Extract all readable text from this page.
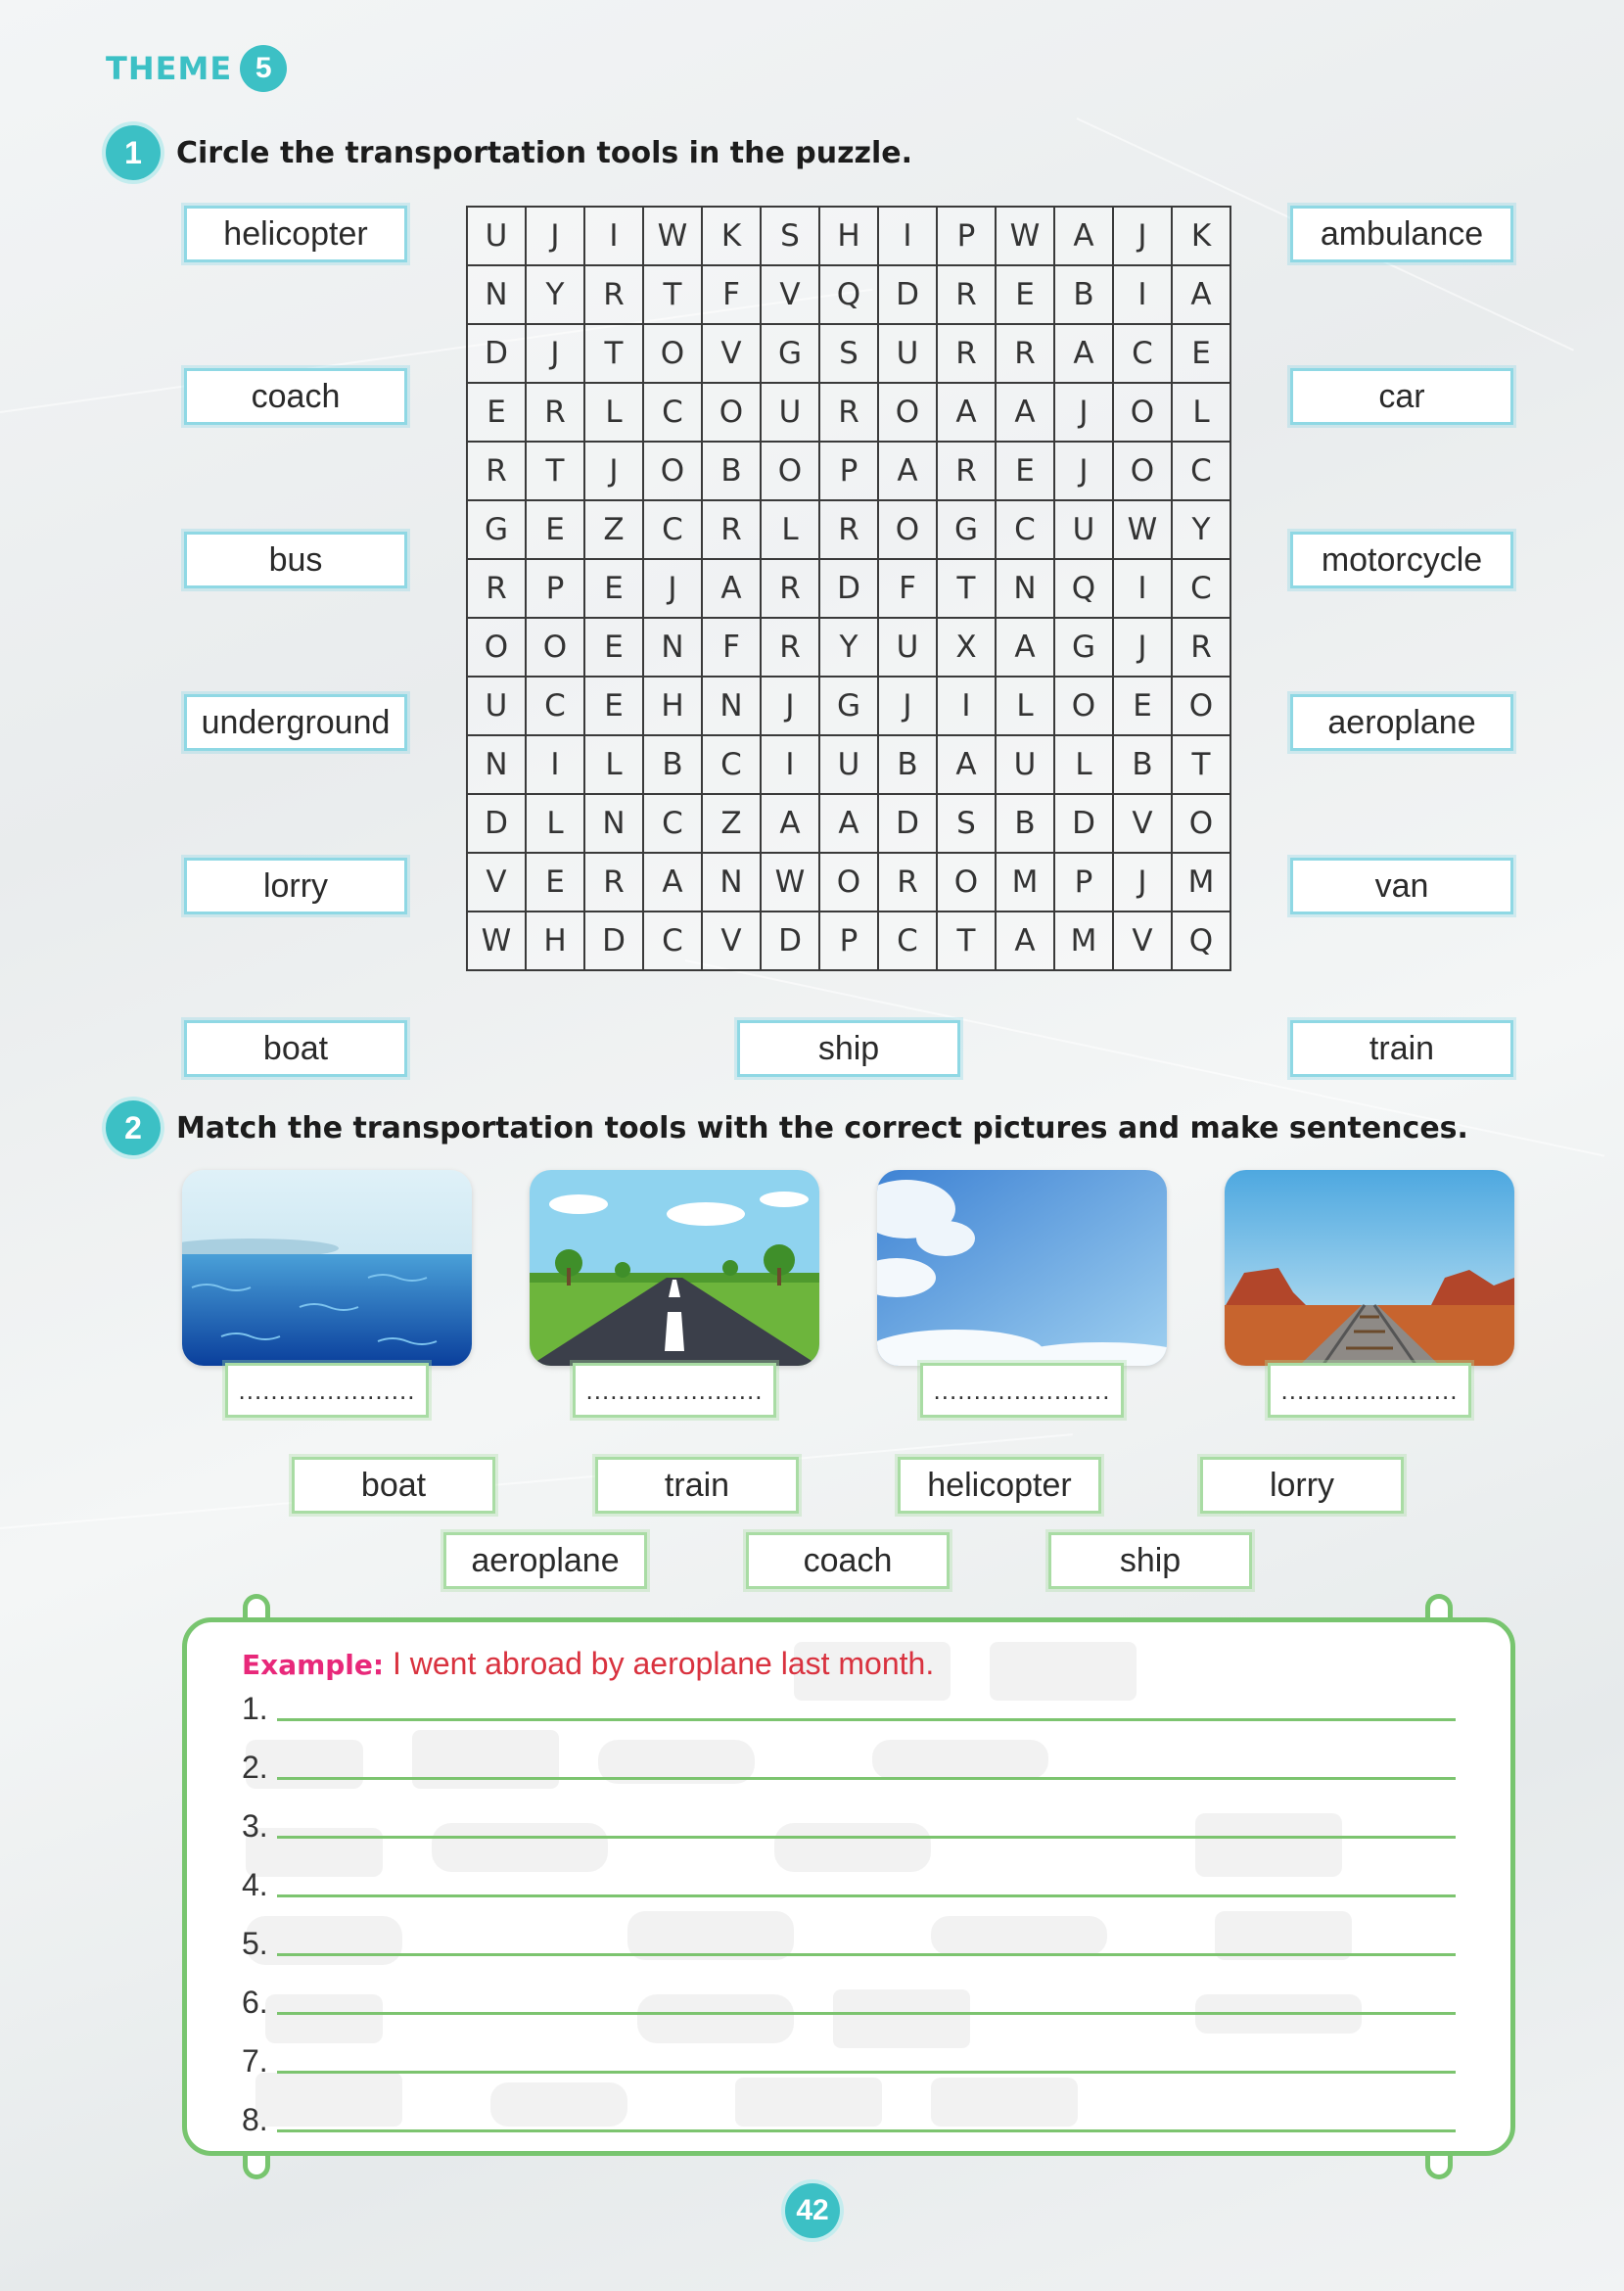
THEME 5
1	Circle the transportation tools in the puzzle.
helicopter
coach
bus
underground
lorry
boat
ambulance
car
motorcycle
aeroplane
van
train
ship
U	J	I	W	K	S	H	I	P	W	A	J	K
N	Y	R	T	F	V	Q	D	R	E	B	I	A
D	J	T	O	V	G	S	U	R	R	A	C	E
E	R	L	C	O	U	R	O	A	A	J	O	L
R	T	J	O	B	O	P	A	R	E	J	O	C
G	E	Z	C	R	L	R	O	G	C	U	W	Y
R	P	E	J	A	R	D	F	T	N	Q	I	C
O	O	E	N	F	R	Y	U	X	A	G	J	R
U	C	E	H	N	J	G	J	I	L	O	E	O
N	I	L	B	C	I	U	B	A	U	L	B	T
D	L	N	C	Z	A	A	D	S	B	D	V	O
V	E	R	A	N	W	O	R	O	M	P	J	M
W	H	D	C	V	D	P	C	T	A	M	V	Q
2	Match the transportation tools with the correct pictures and make sentences.
......................	......................	......................	......................
boat	train	helicopter	lorry
aeroplane	coach	ship
Example: I went abroad by aeroplane last month.
1.
2.
3.
4.
5.
6.
7.
8.
42
